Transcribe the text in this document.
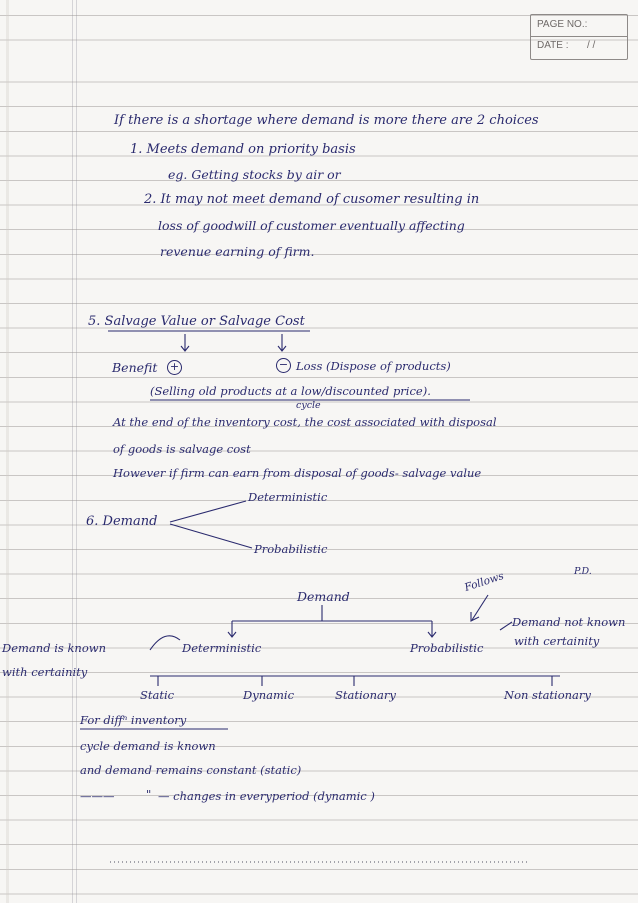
PAGE NO.:
DATE : / /
If there is a shortage where demand is more there are 2 choices
1. Meets demand on priority basis
eg. Getting stocks by air or
2. It may not meet demand of cusomer resulting in
loss of goodwill of customer eventually affecting
revenue earning of firm.
5. Salvage Value or Salvage Cost
Benefit +	− Loss (Dispose of products)
(Selling old products at a low/discounted price).
cycle
At the end of the inventory cost, the cost associated with disposal
of goods is salvage cost
However if firm can earn from disposal of goods- salvage value
Deterministic
6. Demand
Probabilistic
Follows	P.D.
Demand
Demand not known
with certainity
Demand is known	Deterministic	Probabilistic
with certainity
Static	Dynamic	Stationary	Non stationary
For diffⁿ inventory
cycle demand is known
and demand remains constant (static)
———	" — changes in everyperiod (dynamic )
